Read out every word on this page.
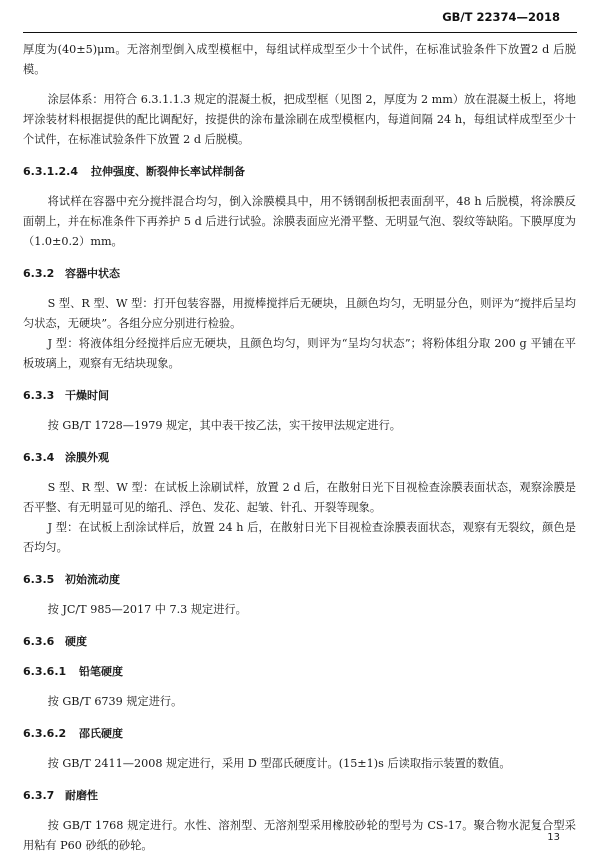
GB/T 22374—2018

厚度为(40±5)μm。无溶剂型倒入成型模框中，每组试样成型至少十个试件，在标准试验条件下放置2 d 后脱模。

涂层体系：用符合 6.3.1.1.3 规定的混凝土板，把成型框（见图 2，厚度为 2 mm）放在混凝土板上，将地坪涂装材料根据提供的配比调配好，按提供的涂布量涂刷在成型模框内，每道间隔 24 h，每组试样成型至少十个试件，在标准试验条件下放置 2 d 后脱模。

6.3.1.2.4 拉伸强度、断裂伸长率试样制备

将试样在容器中充分搅拌混合均匀，倒入涂膜模具中，用不锈钢刮板把表面刮平，48 h 后脱模，将涂膜反面朝上，并在标准条件下再养护 5 d 后进行试验。涂膜表面应光滑平整、无明显气泡、裂纹等缺陷。下膜厚度为（1.0±0.2）mm。

6.3.2 容器中状态

S 型、R 型、W 型：打开包装容器，用搅棒搅拌后无硬块，且颜色均匀，无明显分色，则评为“搅拌后呈均匀状态，无硬块”。各组分应分别进行检验。

J 型：将液体组分经搅拌后应无硬块，且颜色均匀，则评为“呈均匀状态”；将粉体组分取 200 g 平铺在平板玻璃上，观察有无结块现象。

6.3.3 干燥时间

按 GB/T 1728—1979 规定，其中表干按乙法，实干按甲法规定进行。

6.3.4 涂膜外观

S 型、R 型、W 型：在试板上涂刷试样，放置 2 d 后，在散射日光下目视检查涂膜表面状态，观察涂膜是否平整、有无明显可见的缩孔、浮色、发花、起皱、针孔、开裂等现象。

J 型：在试板上刮涂试样后，放置 24 h 后，在散射日光下目视检查涂膜表面状态，观察有无裂纹，颜色是否均匀。

6.3.5 初始流动度

按 JC/T 985—2017 中 7.3 规定进行。

6.3.6 硬度

6.3.6.1 铅笔硬度

按 GB/T 6739 规定进行。

6.3.6.2 邵氏硬度

按 GB/T 2411—2008 规定进行，采用 D 型邵氏硬度计。(15±1)s 后读取指示装置的数值。

6.3.7 耐磨性

按 GB/T 1768 规定进行。水性、溶剂型、无溶剂型采用橡胶砂轮的型号为 CS-17。聚合物水泥复合型采用粘有 P60 砂纸的砂轮。

13
